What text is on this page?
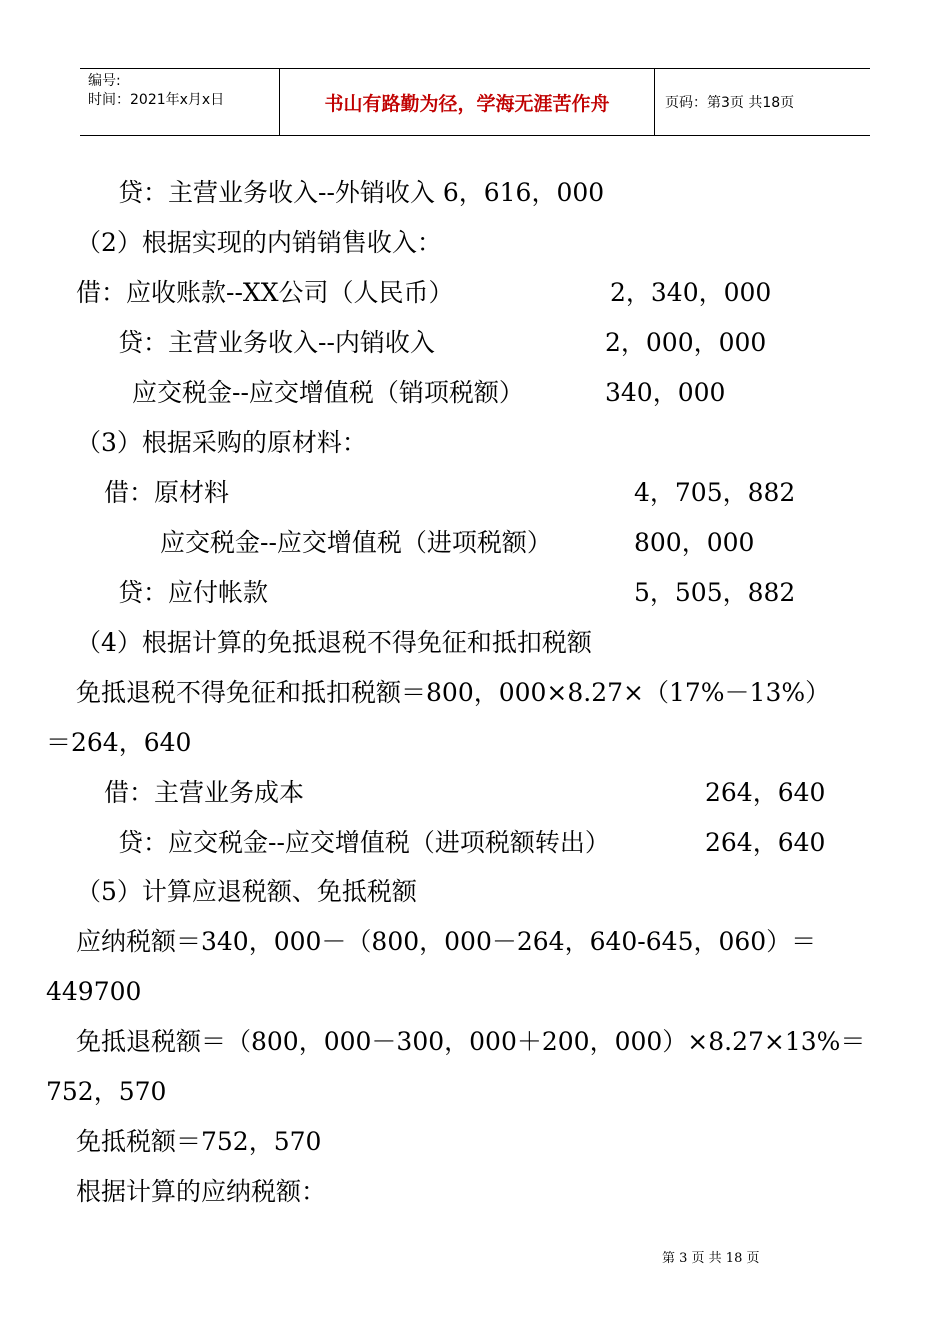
编号:
时间：2021年x月x日	书山有路勤为径，学海无涯苦作舟	页码：第3页 共18页
贷：主营业务收入--外销收入 6，616，000
（2）根据实现的内销销售收入：
借：应收账款--XX公司（人民币）	2，340，000
贷：主营业务收入--内销收入	2，000，000
应交税金--应交增值税（销项税额）	340，000
（3）根据采购的原材料：
借：原材料	4，705，882
应交税金--应交增值税（进项税额）	800，000
贷：应付帐款	5，505，882
（4）根据计算的免抵退税不得免征和抵扣税额
免抵退税不得免征和抵扣税额＝800，000×8.27×（17%－13%）
＝264，640
借：主营业务成本	264，640
贷：应交税金--应交增值税（进项税额转出）	264，640
（5）计算应退税额、免抵税额
应纳税额＝340，000－（800，000－264，640-645，060）＝
449700
免抵退税额＝（800，000－300，000＋200，000）×8.27×13%＝
752，570
免抵税额＝752，570
根据计算的应纳税额：
第 3 页 共 18 页
